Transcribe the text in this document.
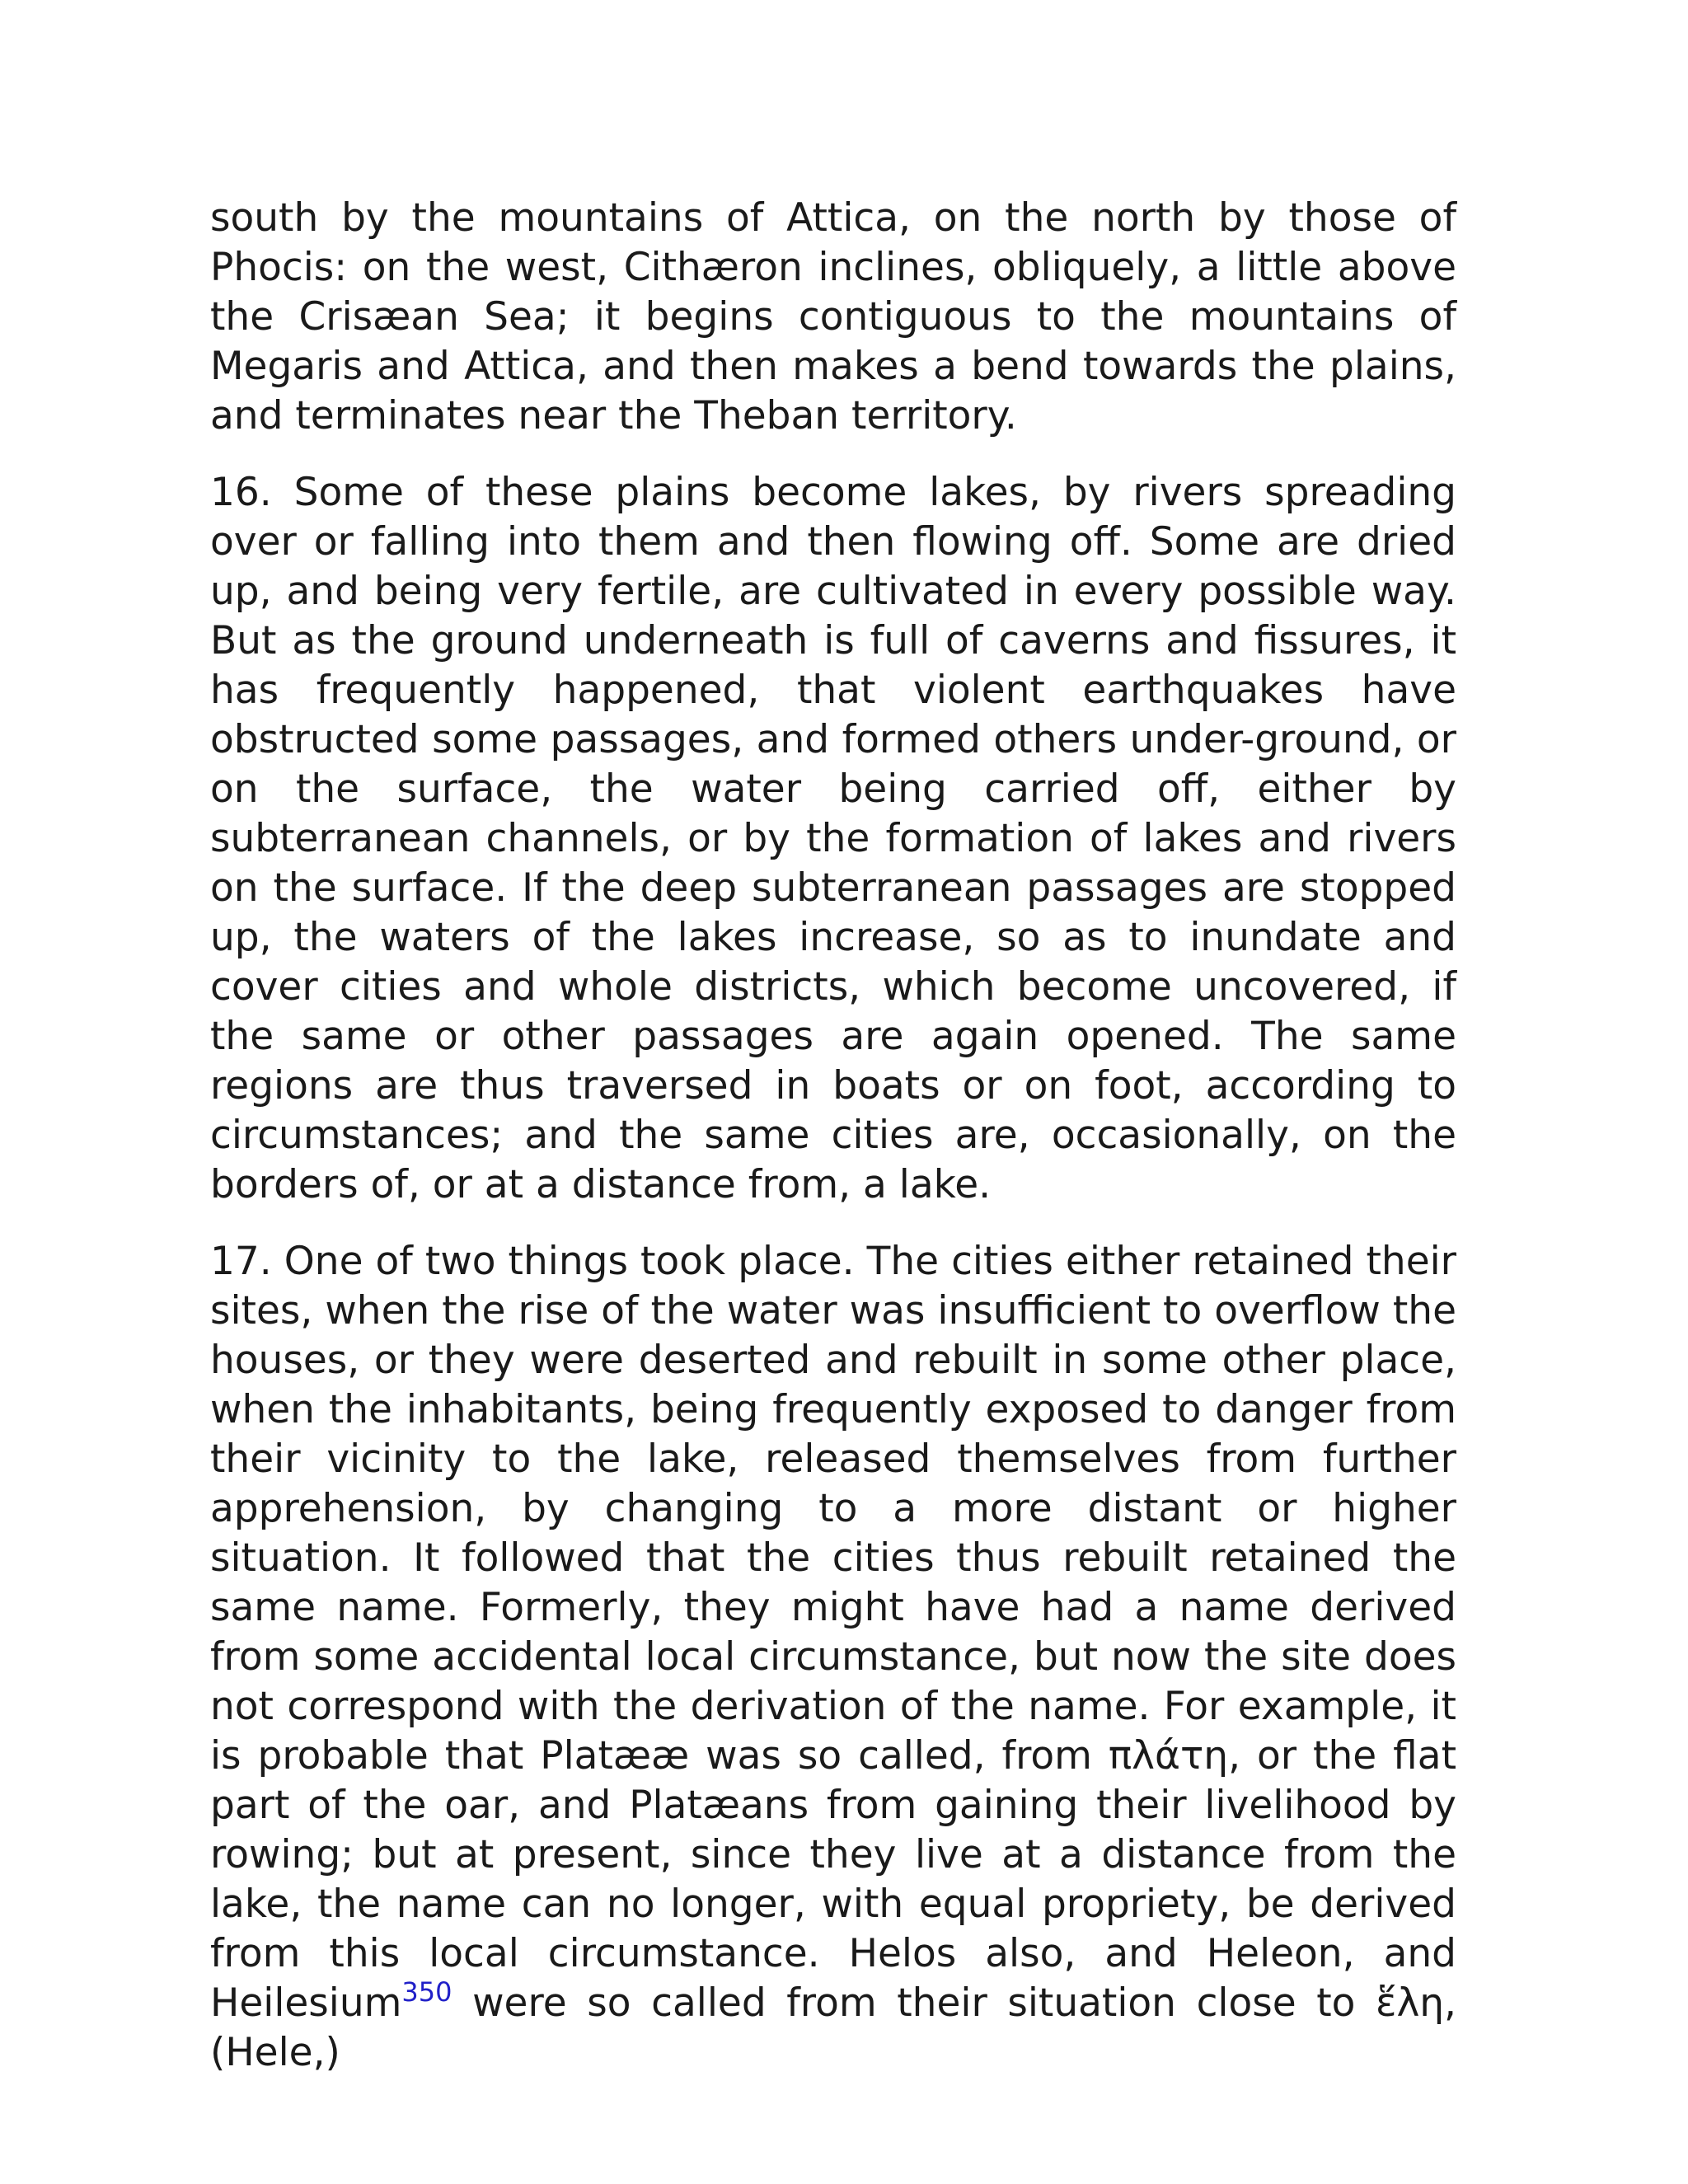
south by the mountains of Attica, on the north by those of Phocis: on the west, Cithæron inclines, obliquely, a little above the Crisæan Sea; it begins contiguous to the mountains of Megaris and Attica, and then makes a bend towards the plains, and terminates near the Theban territory.

16. Some of these plains become lakes, by rivers spreading over or falling into them and then flowing off. Some are dried up, and being very fertile, are cultivated in every possible way. But as the ground underneath is full of caverns and fissures, it has frequently happened, that violent earthquakes have obstructed some passages, and formed others under-ground, or on the surface, the water being carried off, either by subterranean channels, or by the formation of lakes and rivers on the surface. If the deep subterranean passages are stopped up, the waters of the lakes increase, so as to inundate and cover cities and whole districts, which become uncovered, if the same or other passages are again opened. The same regions are thus traversed in boats or on foot, according to circumstances; and the same cities are, occasionally, on the borders of, or at a distance from, a lake.

17. One of two things took place. The cities either retained their sites, when the rise of the water was insufficient to overflow the houses, or they were deserted and rebuilt in some other place, when the inhabitants, being frequently exposed to danger from their vicinity to the lake, released themselves from further apprehension, by changing to a more distant or higher situation. It followed that the cities thus rebuilt retained the same name. Formerly, they might have had a name derived from some accidental local circumstance, but now the site does not correspond with the derivation of the name. For example, it is probable that Platææ was so called, from πλάτη, or the flat part of the oar, and Platæans from gaining their livelihood by rowing; but at present, since they live at a distance from the lake, the name can no longer, with equal propriety, be derived from this local circumstance. Helos also, and Heleon, and Heilesium$^{350}$ were so called from their situation close to ἕλη, (Hele,)
